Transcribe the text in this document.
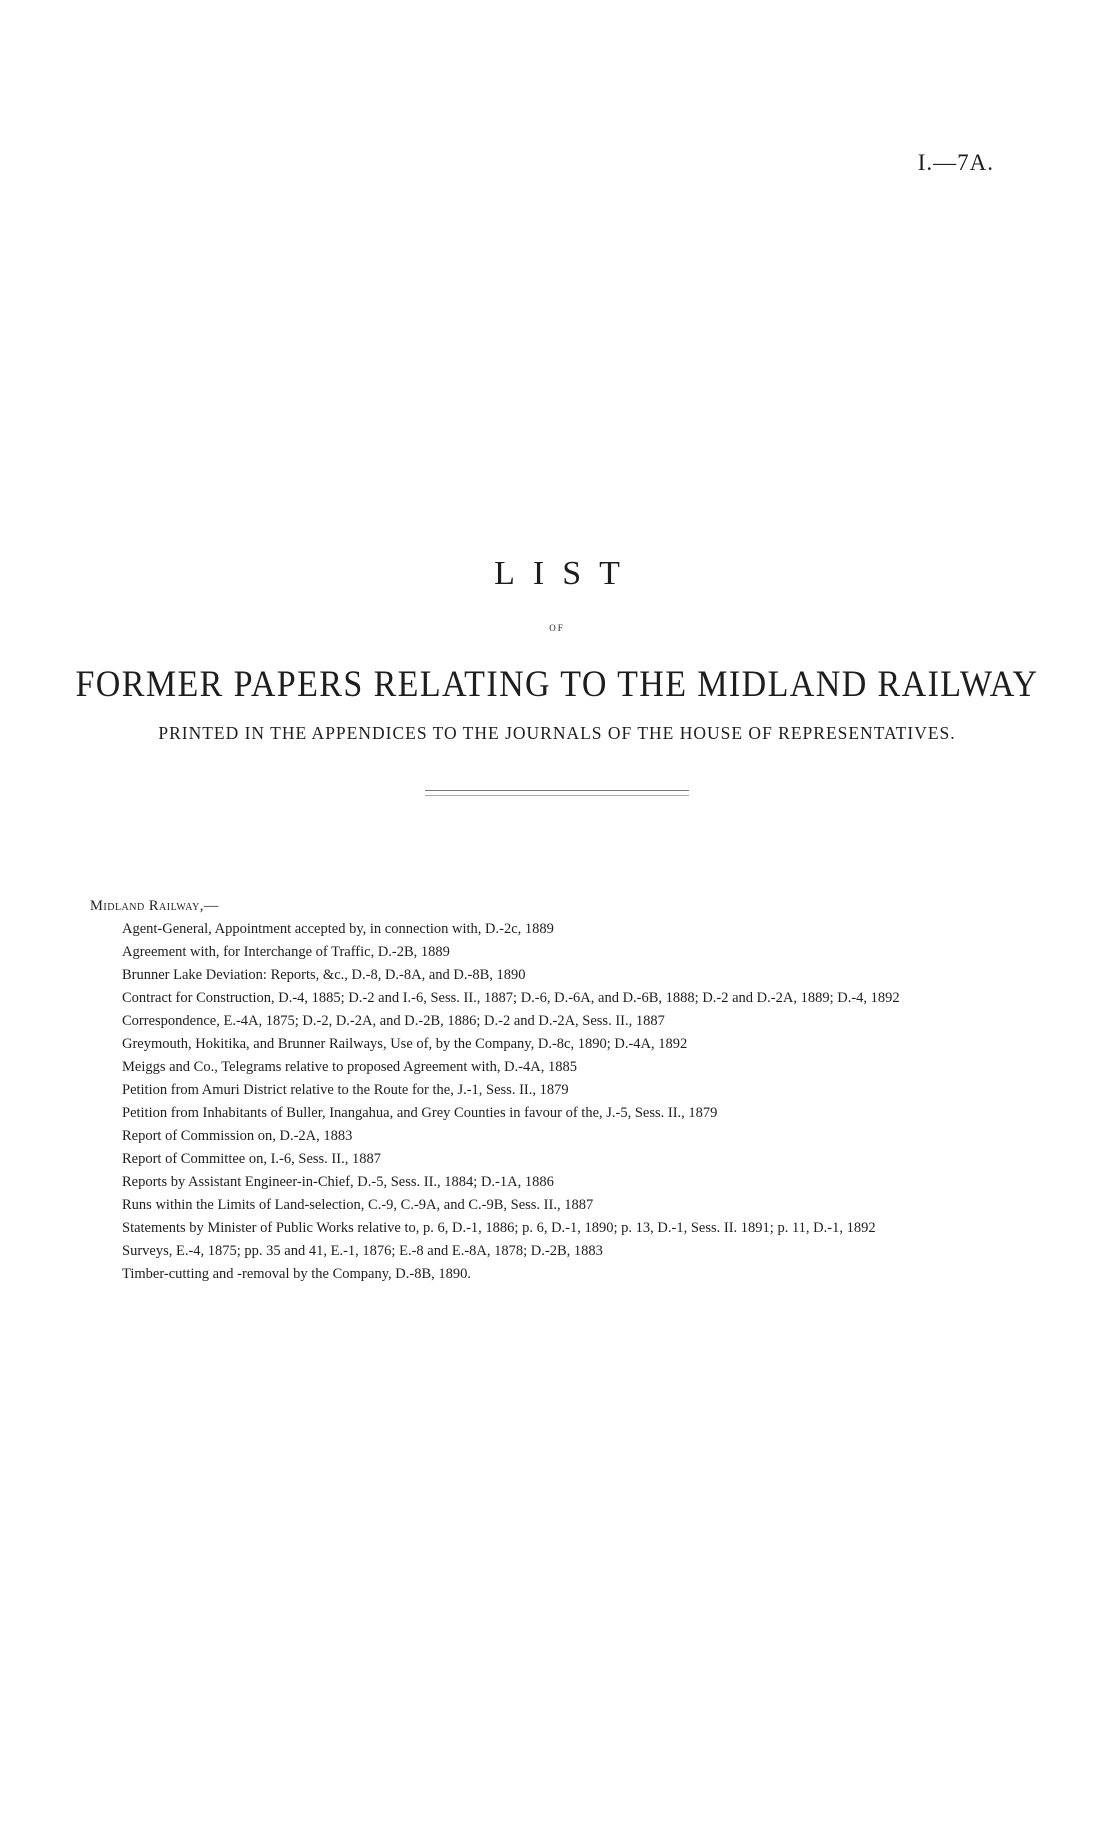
I.—7A.
LIST
OF
FORMER PAPERS RELATING TO THE MIDLAND RAILWAY
PRINTED IN THE APPENDICES TO THE JOURNALS OF THE HOUSE OF REPRESENTATIVES.
Midland Railway,—
Agent-General, Appointment accepted by, in connection with, D.-2c, 1889
Agreement with, for Interchange of Traffic, D.-2B, 1889
Brunner Lake Deviation: Reports, &c., D.-8, D.-8A, and D.-8B, 1890
Contract for Construction, D.-4, 1885; D.-2 and I.-6, Sess. II., 1887; D.-6, D.-6A, and D.-6B, 1888; D.-2 and D.-2A, 1889; D.-4, 1892
Correspondence, E.-4A, 1875; D.-2, D.-2A, and D.-2B, 1886; D.-2 and D.-2A, Sess. II., 1887
Greymouth, Hokitika, and Brunner Railways, Use of, by the Company, D.-8c, 1890; D.-4A, 1892
Meiggs and Co., Telegrams relative to proposed Agreement with, D.-4A, 1885
Petition from Amuri District relative to the Route for the, J.-1, Sess. II., 1879
Petition from Inhabitants of Buller, Inangahua, and Grey Counties in favour of the, J.-5, Sess. II., 1879
Report of Commission on, D.-2A, 1883
Report of Committee on, I.-6, Sess. II., 1887
Reports by Assistant Engineer-in-Chief, D.-5, Sess. II., 1884; D.-1A, 1886
Runs within the Limits of Land-selection, C.-9, C.-9A, and C.-9B, Sess. II., 1887
Statements by Minister of Public Works relative to, p. 6, D.-1, 1886; p. 6, D.-1, 1890; p. 13, D.-1, Sess. II. 1891; p. 11, D.-1, 1892
Surveys, E.-4, 1875; pp. 35 and 41, E.-1, 1876; E.-8 and E.-8A, 1878; D.-2B, 1883
Timber-cutting and -removal by the Company, D.-8B, 1890.
